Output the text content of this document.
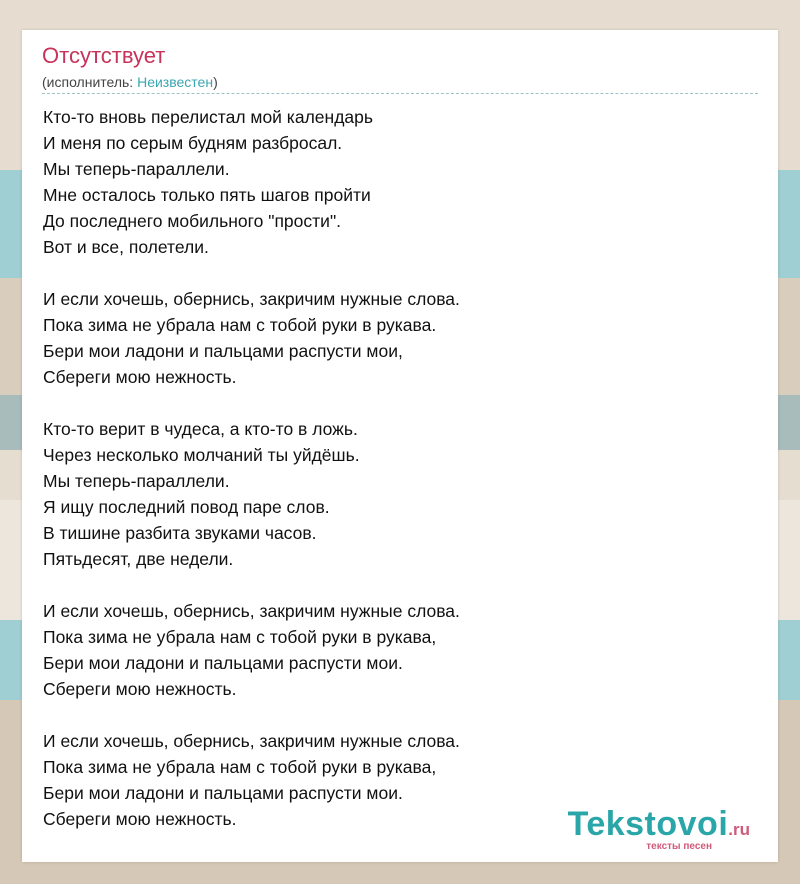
Отсутствует
(исполнитель: Неизвестен)
Кто-то вновь перелистал мой календарь
И меня по серым будням разбросал.
Мы теперь-параллели.
Мне осталось только пять шагов пройти
До последнего мобильного "прости".
Вот и все, полетели.
И если хочешь, обернись, закричим нужные слова.
Пока зима не убрала нам с тобой руки в рукава.
Бери мои ладони и пальцами распусти мои,
Сбереги мою нежность.
Кто-то верит в чудеса, а кто-то в ложь.
Через несколько молчаний ты уйдёшь.
Мы теперь-параллели.
Я ищу последний повод паре слов.
В тишине разбита звуками часов.
Пятьдесят, две недели.
И если хочешь, обернись, закричим нужные слова.
Пока зима не убрала нам с тобой руки в рукава,
Бери мои ладони и пальцами распусти мои.
Сбереги мою нежность.
И если хочешь, обернись, закричим нужные слова.
Пока зима не убрала нам с тобой руки в рукава,
Бери мои ладони и пальцами распусти мои.
Сбереги мою нежность.	Tekstovoi.ru
тексты песен
